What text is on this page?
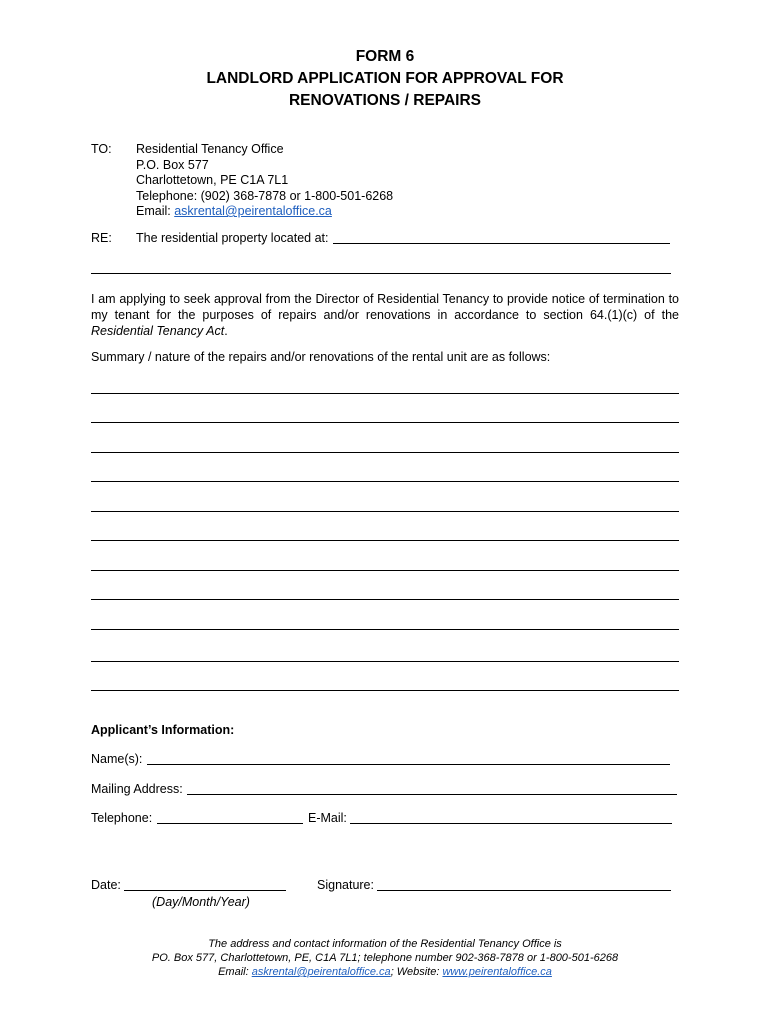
FORM 6
LANDLORD APPLICATION FOR APPROVAL FOR
RENOVATIONS / REPAIRS
TO: Residential Tenancy Office
P.O. Box 577
Charlottetown, PE C1A 7L1
Telephone: (902) 368-7878 or 1-800-501-6268
Email: askrental@peirentaloffice.ca
RE: The residential property located at:
I am applying to seek approval from the Director of Residential Tenancy to provide notice of termination to my tenant for the purposes of repairs and/or renovations in accordance to section 64.(1)(c) of the Residential Tenancy Act.
Summary / nature of the repairs and/or renovations of the rental unit are as follows:
Applicant’s Information:
Name(s):
Mailing Address:
Telephone:	E-Mail:
Date:
(Day/Month/Year)
Signature:
The address and contact information of the Residential Tenancy Office is
PO. Box 577, Charlottetown, PE, C1A 7L1; telephone number 902-368-7878 or 1-800-501-6268
Email: askrental@peirentaloffice.ca; Website: www.peirentaloffice.ca
